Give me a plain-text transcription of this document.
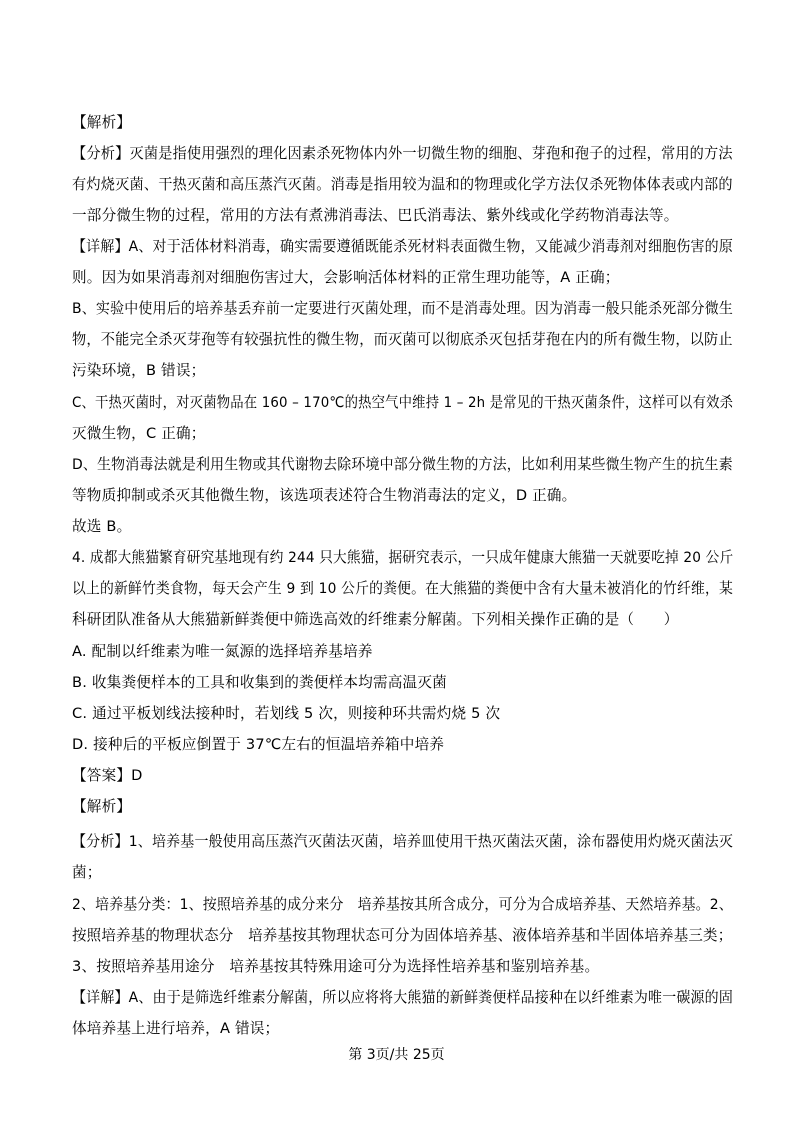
【解析】
【分析】灭菌是指使用强烈的理化因素杀死物体内外一切微生物的细胞、芽孢和孢子的过程，常用的方法
有灼烧灭菌、干热灭菌和高压蒸汽灭菌。消毒是指用较为温和的物理或化学方法仅杀死物体体表或内部的
一部分微生物的过程，常用的方法有煮沸消毒法、巴氏消毒法、紫外线或化学药物消毒法等。
【详解】A、对于活体材料消毒，确实需要遵循既能杀死材料表面微生物，又能减少消毒剂对细胞伤害的原
则。因为如果消毒剂对细胞伤害过大，会影响活体材料的正常生理功能等，A 正确；
B、实验中使用后的培养基丢弃前一定要进行灭菌处理，而不是消毒处理。因为消毒一般只能杀死部分微生
物，不能完全杀灭芽孢等有较强抗性的微生物，而灭菌可以彻底杀灭包括芽孢在内的所有微生物，以防止
污染环境，B 错误；
C、干热灭菌时，对灭菌物品在 160 – 170℃的热空气中维持 1 – 2h 是常见的干热灭菌条件，这样可以有效杀
灭微生物，C 正确；
D、生物消毒法就是利用生物或其代谢物去除环境中部分微生物的方法，比如利用某些微生物产生的抗生素
等物质抑制或杀灭其他微生物，该选项表述符合生物消毒法的定义，D 正确。
故选 B。
4. 成都大熊猫繁育研究基地现有约 244 只大熊猫，据研究表示，一只成年健康大熊猫一天就要吃掉 20 公斤
以上的新鲜竹类食物，每天会产生 9 到 10 公斤的粪便。在大熊猫的粪便中含有大量未被消化的竹纤维，某
科研团队准备从大熊猫新鲜粪便中筛选高效的纤维素分解菌。下列相关操作正确的是（　　）
A. 配制以纤维素为唯一氮源的选择培养基培养
B. 收集粪便样本的工具和收集到的粪便样本均需高温灭菌
C. 通过平板划线法接种时，若划线 5 次，则接种环共需灼烧 5 次
D. 接种后的平板应倒置于 37℃左右的恒温培养箱中培养
【答案】D
【解析】
【分析】1、培养基一般使用高压蒸汽灭菌法灭菌，培养皿使用干热灭菌法灭菌，涂布器使用灼烧灭菌法灭
菌；
2、培养基分类：1、按照培养基的成分来分　培养基按其所含成分，可分为合成培养基、天然培养基。2、
按照培养基的物理状态分　培养基按其物理状态可分为固体培养基、液体培养基和半固体培养基三类；
3、按照培养基用途分　培养基按其特殊用途可分为选择性培养基和鉴别培养基。
【详解】A、由于是筛选纤维素分解菌，所以应将将大熊猫的新鲜粪便样品接种在以纤维素为唯一碳源的固
体培养基上进行培养，A 错误；
第 3页/共 25页
